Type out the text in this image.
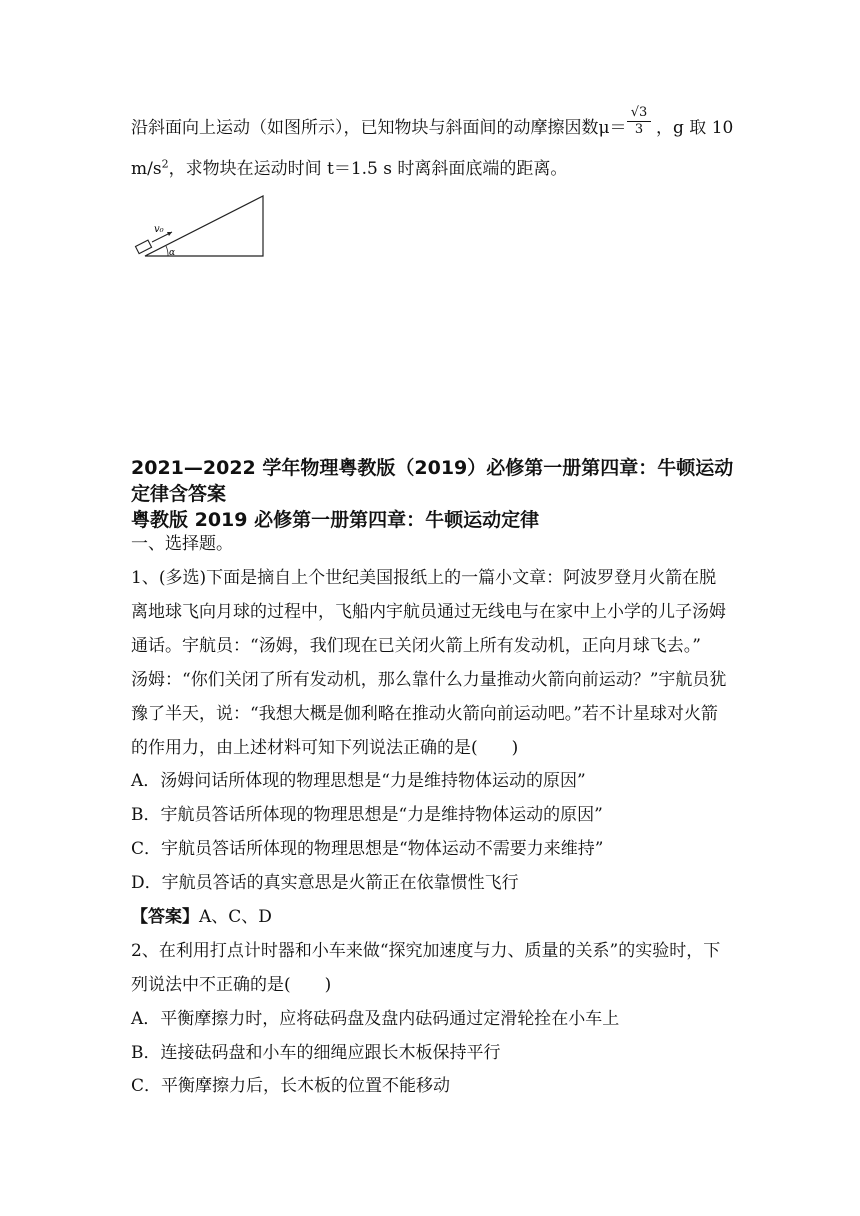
沿斜面向上运动（如图所示），已知物块与斜面间的动摩擦因数μ＝
√3
3 ，g 取 10
$m/s^2$，求物块在运动时间 t＝1.5 s 时离斜面底端的距离。
v₀
α
2021—2022 学年物理粤教版（2019）必修第一册第四章：牛顿运动
定律含答案
粤教版 2019 必修第一册第四章：牛顿运动定律
一、选择题。
1、(多选)下面是摘自上个世纪美国报纸上的一篇小文章：阿波罗登月火箭在脱
离地球飞向月球的过程中，飞船内宇航员通过无线电与在家中上小学的儿子汤姆
通话。宇航员：“汤姆，我们现在已关闭火箭上所有发动机，正向月球飞去。”
汤姆：“你们关闭了所有发动机，那么靠什么力量推动火箭向前运动？”宇航员犹
豫了半天，说：“我想大概是伽利略在推动火箭向前运动吧。”若不计星球对火箭
的作用力，由上述材料可知下列说法正确的是(　　)
A．汤姆问话所体现的物理思想是“力是维持物体运动的原因”
B．宇航员答话所体现的物理思想是“力是维持物体运动的原因”
C．宇航员答话所体现的物理思想是“物体运动不需要力来维持”
D．宇航员答话的真实意思是火箭正在依靠惯性飞行
【答案】A、C、D
2、在利用打点计时器和小车来做“探究加速度与力、质量的关系”的实验时，下
列说法中不正确的是(　　)
A．平衡摩擦力时，应将砝码盘及盘内砝码通过定滑轮拴在小车上
B．连接砝码盘和小车的细绳应跟长木板保持平行
C．平衡摩擦力后，长木板的位置不能移动
